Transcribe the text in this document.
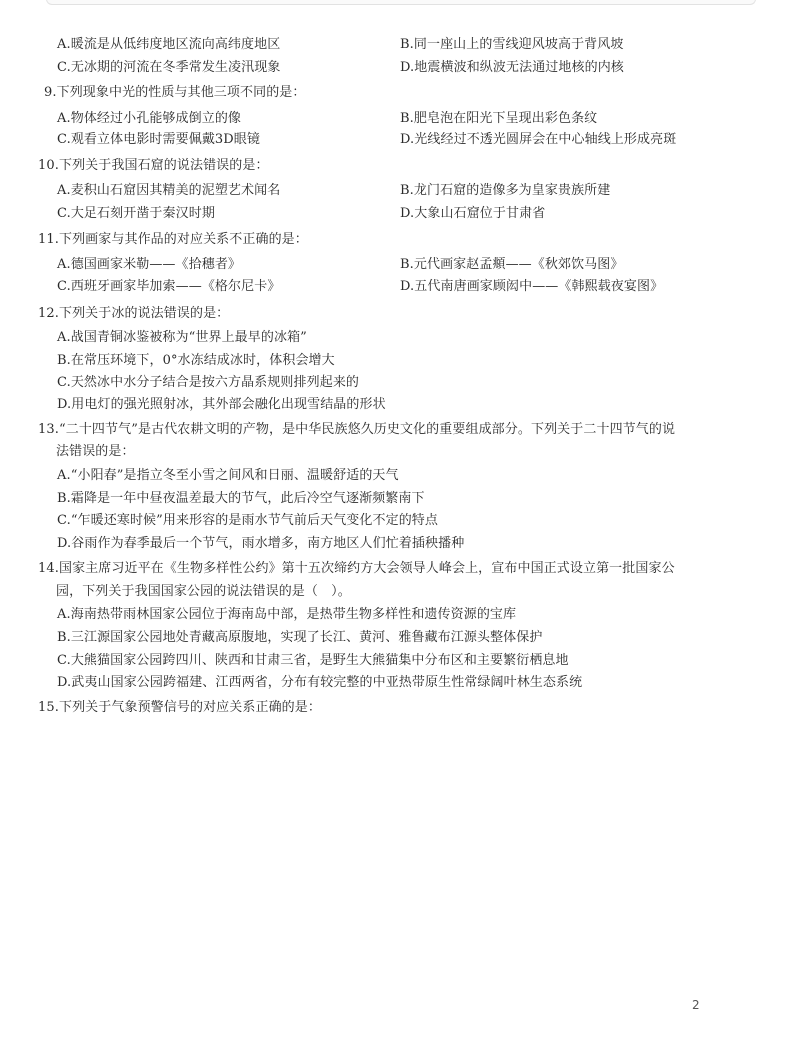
A.暖流是从低纬度地区流向高纬度地区	B.同一座山上的雪线迎风坡高于背风坡
C.无冰期的河流在冬季常发生凌汛现象	D.地震横波和纵波无法通过地核的内核
9.下列现象中光的性质与其他三项不同的是：
A.物体经过小孔能够成倒立的像	B.肥皂泡在阳光下呈现出彩色条纹
C.观看立体电影时需要佩戴3D眼镜	D.光线经过不透光圆屏会在中心轴线上形成亮斑
10.下列关于我国石窟的说法错误的是：
A.麦积山石窟因其精美的泥塑艺术闻名	B.龙门石窟的造像多为皇家贵族所建
C.大足石刻开凿于秦汉时期	D.大象山石窟位于甘肃省
11.下列画家与其作品的对应关系不正确的是：
A.德国画家米勒——《拾穗者》	B.元代画家赵孟頫——《秋郊饮马图》
C.西班牙画家毕加索——《格尔尼卡》	D.五代南唐画家顾闳中——《韩熙载夜宴图》
12.下列关于冰的说法错误的是：
A.战国青铜冰鉴被称为“世界上最早的冰箱”
B.在常压环境下，0°水冻结成冰时，体积会增大
C.天然冰中水分子结合是按六方晶系规则排列起来的
D.用电灯的强光照射冰，其外部会融化出现雪结晶的形状
13.“二十四节气”是古代农耕文明的产物，是中华民族悠久历史文化的重要组成部分。下列关于二十四节气的说
法错误的是：
A.“小阳春”是指立冬至小雪之间风和日丽、温暖舒适的天气
B.霜降是一年中昼夜温差最大的节气，此后冷空气逐渐频繁南下
C.“乍暖还寒时候”用来形容的是雨水节气前后天气变化不定的特点
D.谷雨作为春季最后一个节气，雨水增多，南方地区人们忙着插秧播种
14.国家主席习近平在《生物多样性公约》第十五次缔约方大会领导人峰会上，宣布中国正式设立第一批国家公
园，下列关于我国国家公园的说法错误的是（　）。
A.海南热带雨林国家公园位于海南岛中部，是热带生物多样性和遗传资源的宝库
B.三江源国家公园地处青藏高原腹地，实现了长江、黄河、雅鲁藏布江源头整体保护
C.大熊猫国家公园跨四川、陕西和甘肃三省，是野生大熊猫集中分布区和主要繁衍栖息地
D.武夷山国家公园跨福建、江西两省，分布有较完整的中亚热带原生性常绿阔叶林生态系统
15.下列关于气象预警信号的对应关系正确的是：
2
